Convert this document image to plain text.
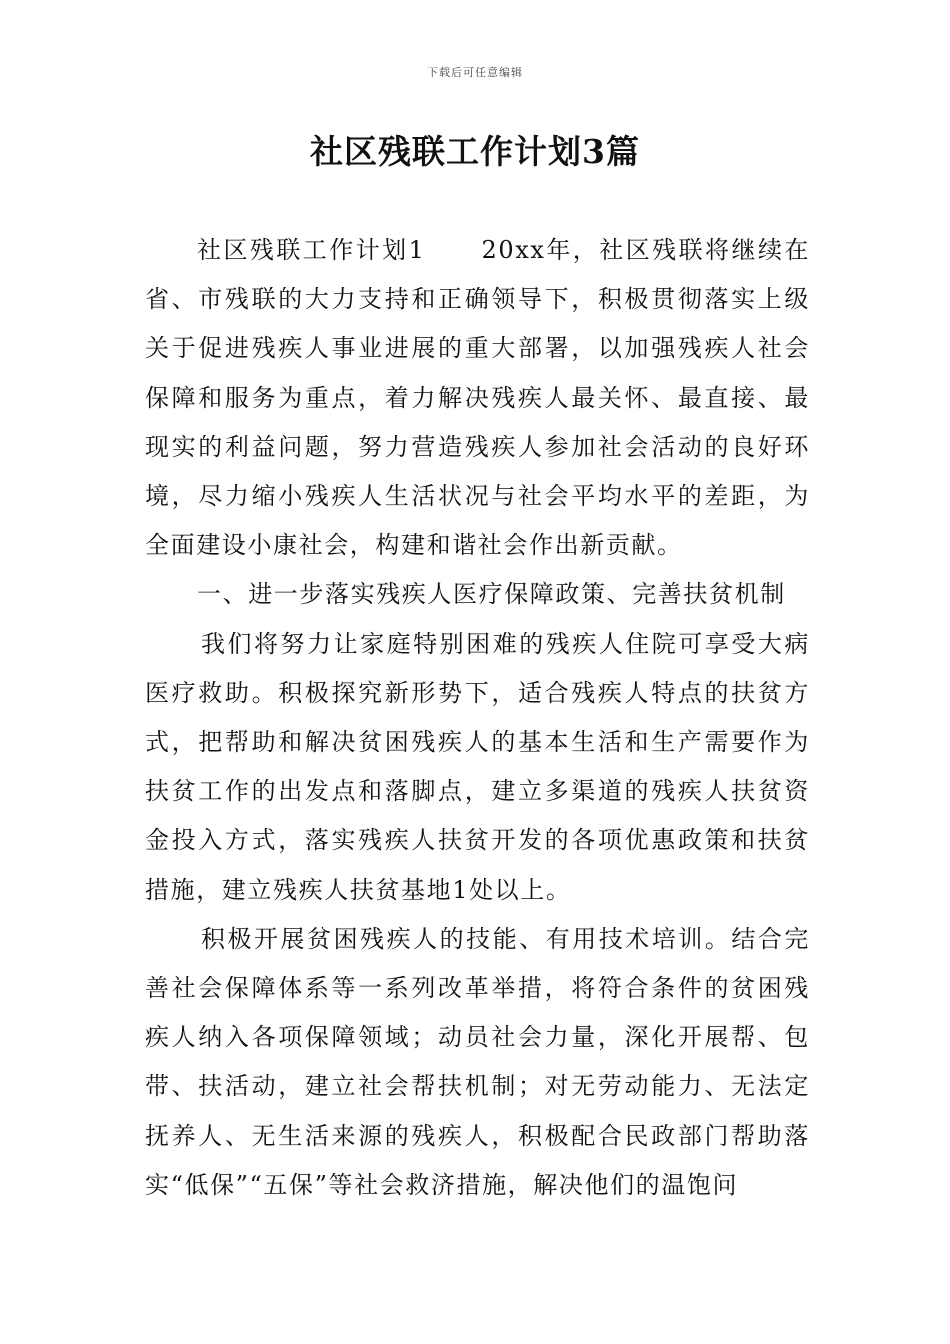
下载后可任意编辑
社区残联工作计划3篇

社区残联工作计划1 20xx年，社区残联将继续在省、市残联的大力支持和正确领导下，积极贯彻落实上级关于促进残疾人事业进展的重大部署，以加强残疾人社会保障和服务为重点，着力解决残疾人最关怀、最直接、最现实的利益问题，努力营造残疾人参加社会活动的良好环境，尽力缩小残疾人生活状况与社会平均水平的差距，为全面建设小康社会，构建和谐社会作出新贡献。

一、进一步落实残疾人医疗保障政策、完善扶贫机制

我们将努力让家庭特别困难的残疾人住院可享受大病医疗救助。积极探究新形势下，适合残疾人特点的扶贫方式，把帮助和解决贫困残疾人的基本生活和生产需要作为扶贫工作的出发点和落脚点，建立多渠道的残疾人扶贫资金投入方式，落实残疾人扶贫开发的各项优惠政策和扶贫措施，建立残疾人扶贫基地1处以上。

积极开展贫困残疾人的技能、有用技术培训。结合完善社会保障体系等一系列改革举措，将符合条件的贫困残疾人纳入各项保障领域；动员社会力量，深化开展帮、包带、扶活动，建立社会帮扶机制；对无劳动能力、无法定抚养人、无生活来源的残疾人，积极配合民政部门帮助落实“低保”“五保”等社会救济措施，解决他们的温饱问
